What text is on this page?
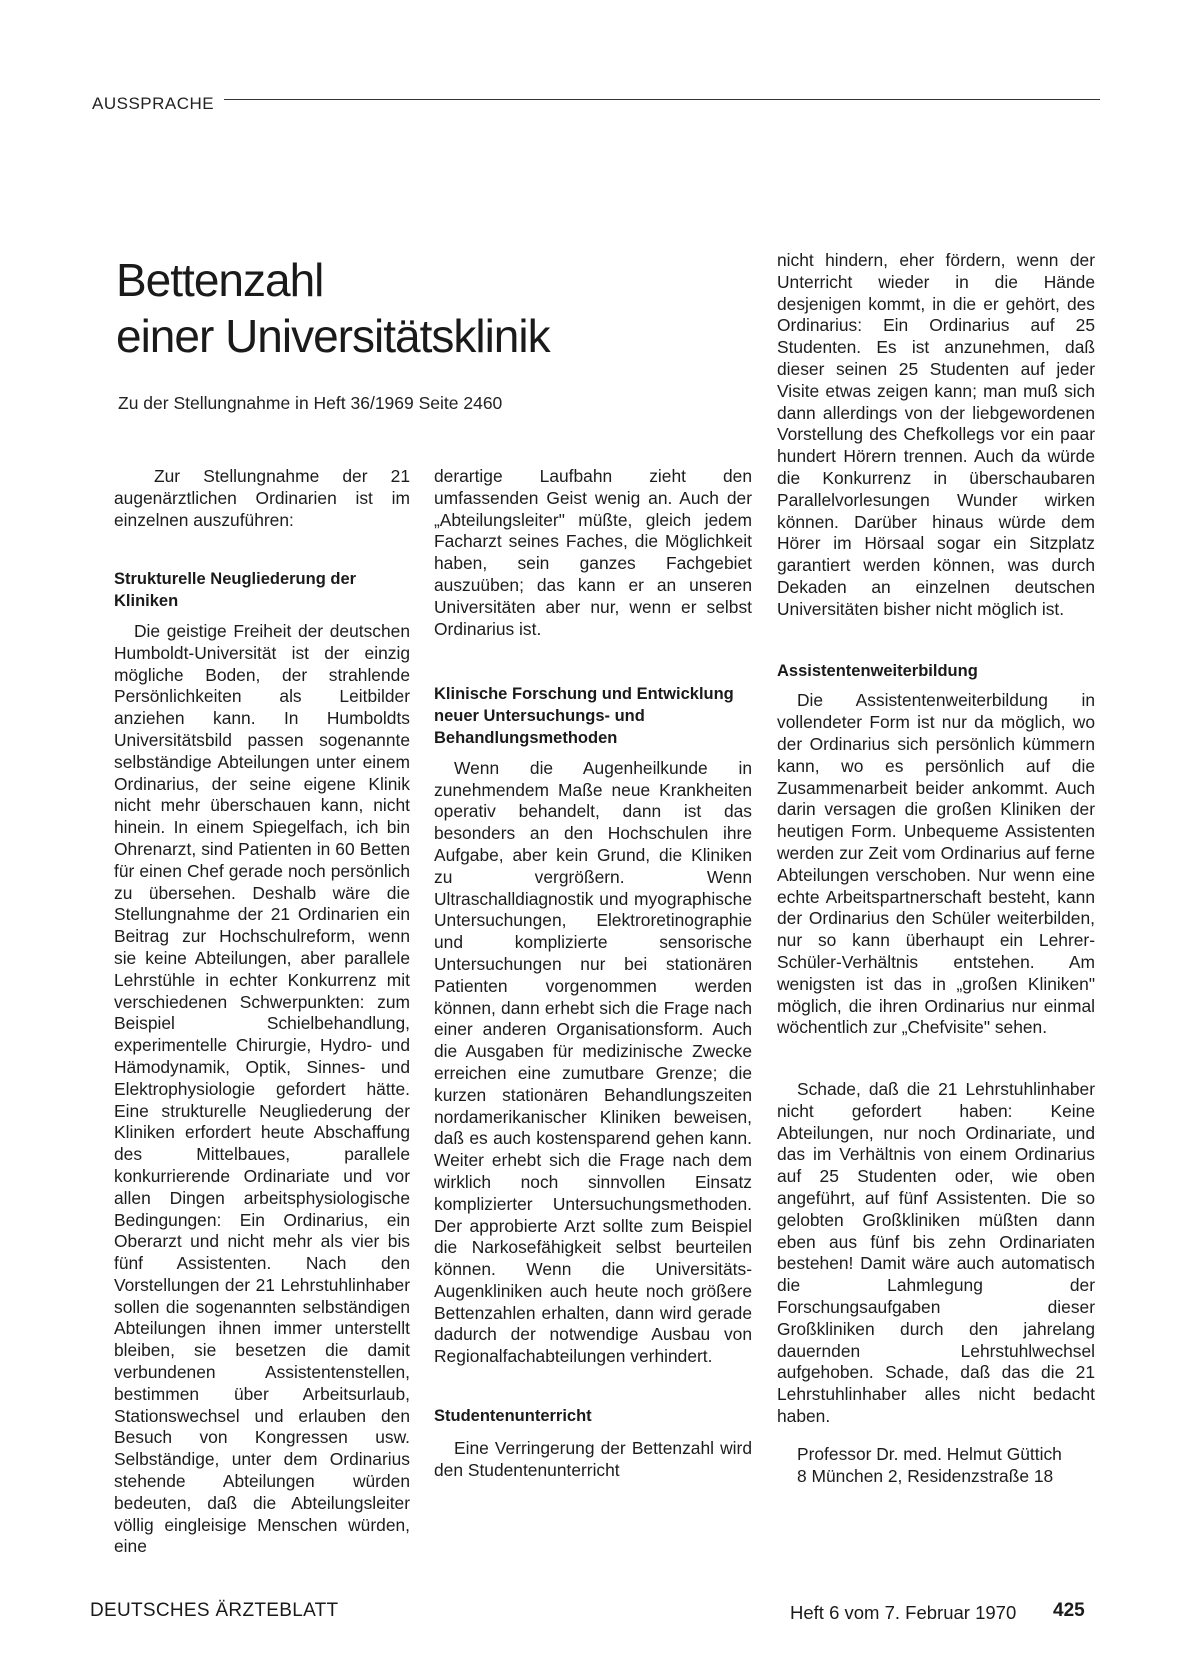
AUSSPRACHE
Bettenzahl
einer Universitätsklinik
Zu der Stellungnahme in Heft 36/1969 Seite 2460

Zur Stellungnahme der 21 augenärztlichen Ordinarien ist im einzelnen auszuführen:

Strukturelle Neugliederung der Kliniken

Die geistige Freiheit der deutschen Humboldt-Universität ist der einzig mögliche Boden, der strahlende Persönlichkeiten als Leitbilder anziehen kann. In Humboldts Universitätsbild passen sogenannte selbständige Abteilungen unter einem Ordinarius, der seine eigene Klinik nicht mehr überschauen kann, nicht hinein. In einem Spiegelfach, ich bin Ohrenarzt, sind Patienten in 60 Betten für einen Chef gerade noch persönlich zu übersehen. Deshalb wäre die Stellungnahme der 21 Ordinarien ein Beitrag zur Hochschulreform, wenn sie keine Abteilungen, aber parallele Lehrstühle in echter Konkurrenz mit verschiedenen Schwerpunkten: zum Beispiel Schielbehandlung, experimentelle Chirurgie, Hydro- und Hämodynamik, Optik, Sinnes- und Elektrophysiologie gefordert hätte. Eine strukturelle Neugliederung der Kliniken erfordert heute Abschaffung des Mittelbaues, parallele konkurrierende Ordinariate und vor allen Dingen arbeitsphysiologische Bedingungen: Ein Ordinarius, ein Oberarzt und nicht mehr als vier bis fünf Assistenten. Nach den Vorstellungen der 21 Lehrstuhlinhaber sollen die sogenannten selbständigen Abteilungen ihnen immer unterstellt bleiben, sie besetzen die damit verbundenen Assistentenstellen, bestimmen über Arbeitsurlaub, Stationswechsel und erlauben den Besuch von Kongressen usw. Selbständige, unter dem Ordinarius stehende Abteilungen würden bedeuten, daß die Abteilungsleiter völlig eingleisige Menschen würden, eine

derartige Laufbahn zieht den umfassenden Geist wenig an. Auch der „Abteilungsleiter" müßte, gleich jedem Facharzt seines Faches, die Möglichkeit haben, sein ganzes Fachgebiet auszuüben; das kann er an unseren Universitäten aber nur, wenn er selbst Ordinarius ist.

Klinische Forschung und Entwicklung neuer Untersuchungs- und Behandlungsmethoden

Wenn die Augenheilkunde in zunehmendem Maße neue Krankheiten operativ behandelt, dann ist das besonders an den Hochschulen ihre Aufgabe, aber kein Grund, die Kliniken zu vergrößern. Wenn Ultraschalldiagnostik und myographische Untersuchungen, Elektroretinographie und komplizierte sensorische Untersuchungen nur bei stationären Patienten vorgenommen werden können, dann erhebt sich die Frage nach einer anderen Organisationsform. Auch die Ausgaben für medizinische Zwecke erreichen eine zumutbare Grenze; die kurzen stationären Behandlungszeiten nordamerikanischer Kliniken beweisen, daß es auch kostensparend gehen kann. Weiter erhebt sich die Frage nach dem wirklich noch sinnvollen Einsatz komplizierter Untersuchungsmethoden. Der approbierte Arzt sollte zum Beispiel die Narkosefähigkeit selbst beurteilen können. Wenn die Universitäts-Augenkliniken auch heute noch größere Bettenzahlen erhalten, dann wird gerade dadurch der notwendige Ausbau von Regionalfachabteilungen verhindert.

Studentenunterricht

Eine Verringerung der Bettenzahl wird den Studentenunterricht

nicht hindern, eher fördern, wenn der Unterricht wieder in die Hände desjenigen kommt, in die er gehört, des Ordinarius: Ein Ordinarius auf 25 Studenten. Es ist anzunehmen, daß dieser seinen 25 Studenten auf jeder Visite etwas zeigen kann; man muß sich dann allerdings von der liebgewordenen Vorstellung des Chefkollegs vor ein paar hundert Hörern trennen. Auch da würde die Konkurrenz in überschaubaren Parallelvorlesungen Wunder wirken können. Darüber hinaus würde dem Hörer im Hörsaal sogar ein Sitzplatz garantiert werden können, was durch Dekaden an einzelnen deutschen Universitäten bisher nicht möglich ist.

Assistentenweiterbildung

Die Assistentenweiterbildung in vollendeter Form ist nur da möglich, wo der Ordinarius sich persönlich kümmern kann, wo es persönlich auf die Zusammenarbeit beider ankommt. Auch darin versagen die großen Kliniken der heutigen Form. Unbequeme Assistenten werden zur Zeit vom Ordinarius auf ferne Abteilungen verschoben. Nur wenn eine echte Arbeitspartnerschaft besteht, kann der Ordinarius den Schüler weiterbilden, nur so kann überhaupt ein Lehrer-Schüler-Verhältnis entstehen. Am wenigsten ist das in „großen Kliniken" möglich, die ihren Ordinarius nur einmal wöchentlich zur „Chefvisite" sehen.

Schade, daß die 21 Lehrstuhlinhaber nicht gefordert haben: Keine Abteilungen, nur noch Ordinariate, und das im Verhältnis von einem Ordinarius auf 25 Studenten oder, wie oben angeführt, auf fünf Assistenten. Die so gelobten Großkliniken müßten dann eben aus fünf bis zehn Ordinariaten bestehen! Damit wäre auch automatisch die Lahmlegung der Forschungsaufgaben dieser Großkliniken durch den jahrelang dauernden Lehrstuhlwechsel aufgehoben. Schade, daß das die 21 Lehrstuhlinhaber alles nicht bedacht haben.

Professor Dr. med. Helmut Güttich
8 München 2, Residenzstraße 18

DEUTSCHES ÄRZTEBLATT	Heft 6 vom 7. Februar 1970 425
